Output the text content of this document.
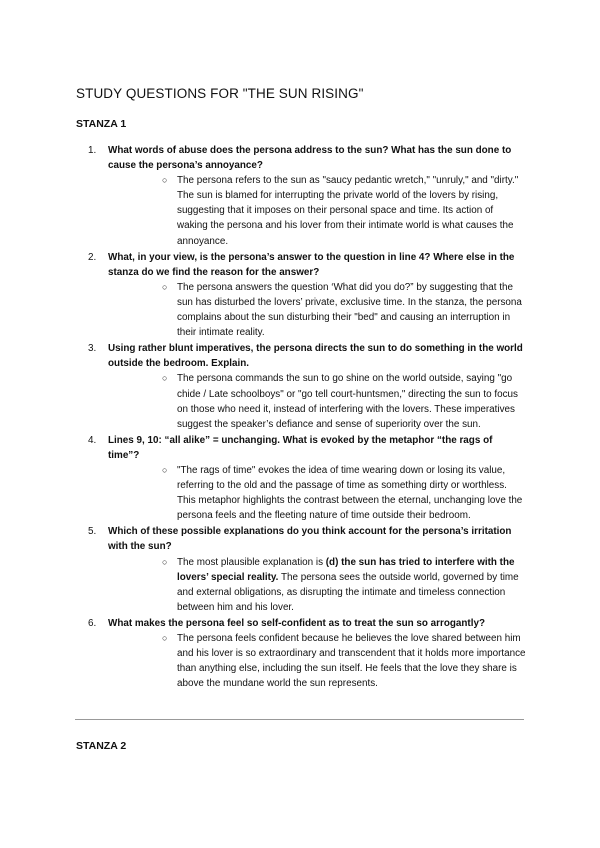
STUDY QUESTIONS FOR "THE SUN RISING"
STANZA 1
1. What words of abuse does the persona address to the sun? What has the sun done to cause the persona’s annoyance?
○ The persona refers to the sun as "saucy pedantic wretch," "unruly," and "dirty." The sun is blamed for interrupting the private world of the lovers by rising, suggesting that it imposes on their personal space and time. Its action of waking the persona and his lover from their intimate world is what causes the annoyance.
2. What, in your view, is the persona’s answer to the question in line 4? Where else in the stanza do we find the reason for the answer?
○ The persona answers the question ‘What did you do?” by suggesting that the sun has disturbed the lovers’ private, exclusive time. In the stanza, the persona complains about the sun disturbing their "bed" and causing an interruption in their intimate reality.
3. Using rather blunt imperatives, the persona directs the sun to do something in the world outside the bedroom. Explain.
○ The persona commands the sun to go shine on the world outside, saying "go chide / Late schoolboys" or "go tell court-huntsmen," directing the sun to focus on those who need it, instead of interfering with the lovers. These imperatives suggest the speaker’s defiance and sense of superiority over the sun.
4. Lines 9, 10: “all alike” = unchanging. What is evoked by the metaphor “the rags of time”?
○ "The rags of time" evokes the idea of time wearing down or losing its value, referring to the old and the passage of time as something dirty or worthless. This metaphor highlights the contrast between the eternal, unchanging love the persona feels and the fleeting nature of time outside their bedroom.
5. Which of these possible explanations do you think account for the persona’s irritation with the sun?
○ The most plausible explanation is (d) the sun has tried to interfere with the lovers’ special reality. The persona sees the outside world, governed by time and external obligations, as disrupting the intimate and timeless connection between him and his lover.
6. What makes the persona feel so self-confident as to treat the sun so arrogantly?
○ The persona feels confident because he believes the love shared between him and his lover is so extraordinary and transcendent that it holds more importance than anything else, including the sun itself. He feels that the love they share is above the mundane world the sun represents.
STANZA 2
